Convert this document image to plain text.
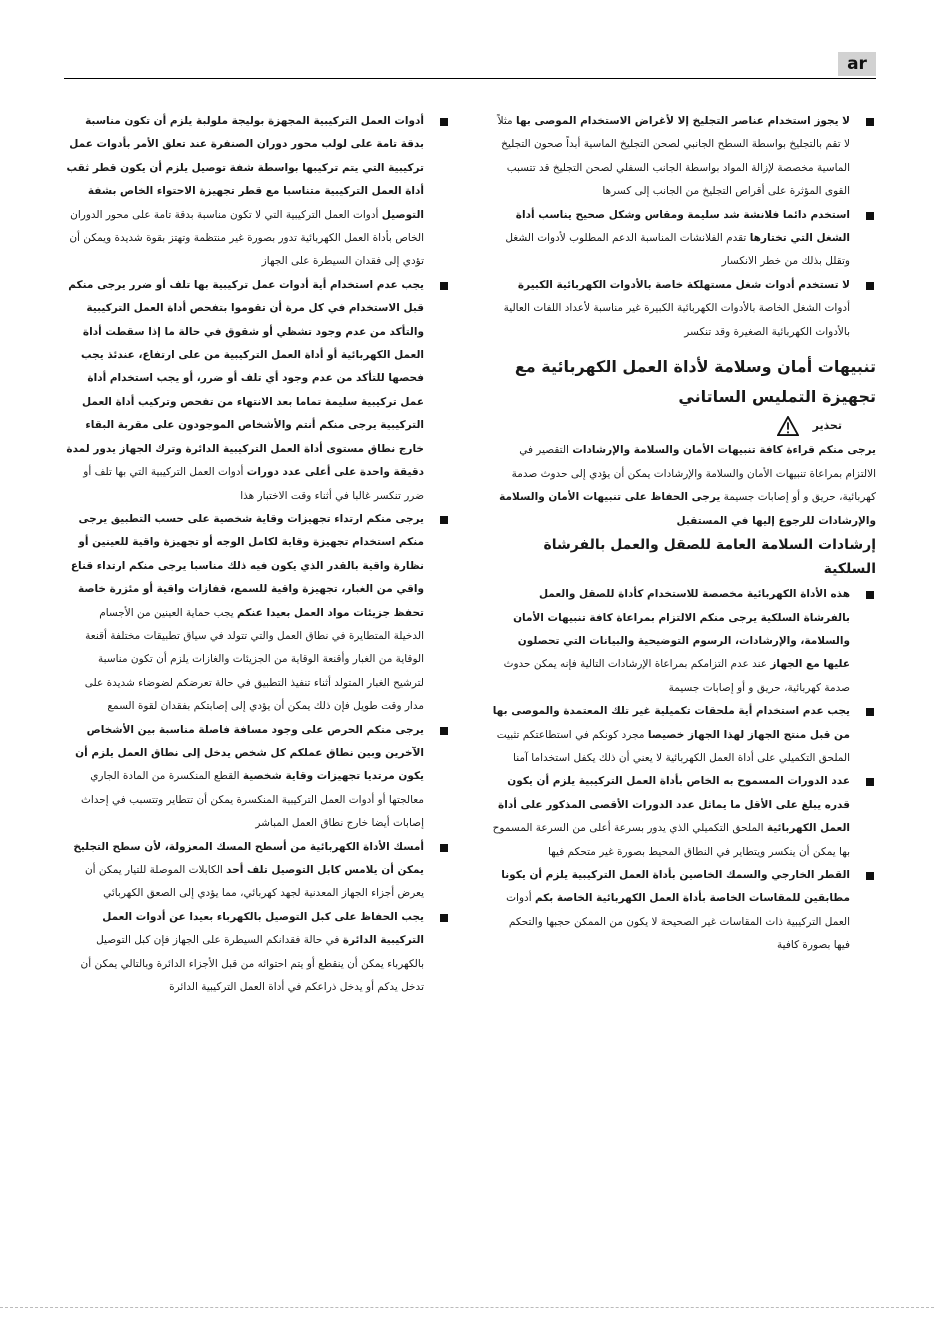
ar

لا يجوز استخدام عناصر التجليخ إلا لأغراض الاستخدام الموصى بها مثلاً لا تقم بالتجليخ بواسطة السطح الجانبي لصحن التجليخ الماسية أبداً صحون التجليخ الماسية مخصصة لإزالة المواد بواسطة الجانب السفلي لصحن التجليخ قد تتسبب القوى المؤثرة على أقراص التجليخ من الجانب إلى كسرها

استخدم دائما فلانشة شد سليمة ومقاس وشكل صحيح يناسب أداة الشغل التي تختارها تقدم الفلانشات المناسبة الدعم المطلوب لأدوات الشغل وتقلل بذلك من خطر الانكسار

لا تستخدم أدوات شغل مستهلكة خاصة بالأدوات الكهربائية الكبيرة أدوات الشغل الخاصة بالأدوات الكهربائية الكبيرة غير مناسبة لأعداد اللفات العالية بالأدوات الكهربائية الصغيرة وقد تنكسر

تنبيهات أمان وسلامة لأداة العمل الكهربائية مع تجهيزة التمليس الساتاني
تحذير

يرجى منكم قراءة كافة تنبيهات الأمان والسلامة والإرشادات التقصير في الالتزام بمراعاة تنبيهات الأمان والسلامة والإرشادات يمكن أن يؤدي إلى حدوث صدمة كهربائية، حريق و أو إصابات جسيمة يرجى الحفاظ على تنبيهات الأمان والسلامة والإرشادات للرجوع إليها في المستقبل

إرشادات السلامة العامة للصقل والعمل بالفرشاة السلكية

هذه الأداة الكهربائية مخصصة للاستخدام كأداة للصقل والعمل بالفرشاة السلكية يرجى منكم الالتزام بمراعاة كافة تنبيهات الأمان والسلامة، والإرشادات، الرسوم التوضيحية والبيانات التي تحصلون عليها مع الجهاز عند عدم التزامكم بمراعاة الإرشادات التالية فإنه يمكن حدوث صدمة كهربائية، حريق و أو إصابات جسيمة

يجب عدم استخدام أية ملحقات تكميلية غير تلك المعتمدة والموصى بها من قبل منتج الجهاز لهذا الجهاز خصيصا مجرد كونكم في استطاعتكم تثبيت الملحق التكميلي على أداة العمل الكهربائية لا يعني أن ذلك يكفل استخداما آمنا

عدد الدورات المسموح به الخاص بأداة العمل التركيبية يلزم أن يكون قدره يبلغ على الأقل ما يماثل عدد الدورات الأقصى المذكور على أداة العمل الكهربائية الملحق التكميلي الذي يدور بسرعة أعلى من السرعة المسموح بها يمكن أن ينكسر ويتطاير في النطاق المحيط بصورة غير متحكم فيها

القطر الخارجي والسمك الخاصين بأداة العمل التركيبية يلزم أن يكونا مطابقين للمقاسات الخاصة بأداة العمل الكهربائية الخاصة بكم أدوات العمل التركيبية ذات المقاسات غير الصحيحة لا يكون من الممكن حجبها والتحكم فيها بصورة كافية

أدوات العمل التركيبية المجهزة بوليجة ملولبة يلزم أن تكون مناسبة بدقة تامة على لولب محور دوران الصنفرة عند تعلق الأمر بأدوات عمل تركيبية التي يتم تركيبها بواسطة شفة توصيل يلزم أن يكون قطر ثقب أداة العمل التركيبية متناسبا مع قطر تجهيزة الاحتواء الخاص بشفة التوصيل أدوات العمل التركيبية التي لا تكون مناسبة بدقة تامة على محور الدوران الخاص بأداة العمل الكهربائية تدور بصورة غير منتظمة وتهتز بقوة شديدة ويمكن أن تؤدي إلى فقدان السيطرة على الجهاز

يجب عدم استخدام أية أدوات عمل تركيبية بها تلف أو ضرر يرجى منكم قبل الاستخدام في كل مرة أن تقوموا بتفحص أداة العمل التركيبية والتأكد من عدم وجود تشظي أو شقوق في حالة ما إذا سقطت أداة العمل الكهربائية أو أداة العمل التركيبية من على ارتفاع، عندئذ يجب فحصها للتأكد من عدم وجود أي تلف أو ضرر، أو يجب استخدام أداة عمل تركيبية سليمة تماما بعد الانتهاء من تفحص وتركيب أداة العمل التركيبية يرجى منكم أنتم والأشخاص الموجودون على مقربة البقاء خارج نطاق مستوى أداة العمل التركيبية الدائرة وترك الجهاز يدور لمدة دقيقة واحدة على أعلى عدد دورات أدوات العمل التركيبية التي بها تلف أو ضرر تنكسر غالبا في أثناء وقت الاختبار هذا

يرجى منكم ارتداء تجهيزات وقاية شخصية على حسب التطبيق يرجى منكم استخدام تجهيزة وقاية لكامل الوجه أو تجهيزة واقية للعينين أو نظارة واقية بالقدر الذي يكون فيه ذلك مناسبا يرجى منكم ارتداء قناع واقي من الغبار، تجهيزة واقية للسمع، قفازات واقية أو مئزرة خاصة تحفظ جزيئات مواد العمل بعيدا عنكم يجب حماية العينين من الأجسام الدخيلة المتطايرة في نطاق العمل والتي تتولد في سياق تطبيقات مختلفة أقنعة الوقاية من الغبار وأقنعة الوقاية من الجزيئات والغازات يلزم أن تكون مناسبة لترشيح الغبار المتولد أثناء تنفيذ التطبيق في حالة تعرضكم لضوضاء شديدة على مدار وقت طويل فإن ذلك يمكن أن يؤدي إلى إصابتكم بفقدان لقوة السمع

يرجى منكم الحرص على وجود مسافة فاصلة مناسبة بين الأشخاص الآخرين وبين نطاق عملكم كل شخص يدخل إلى نطاق العمل يلزم أن يكون مرتديا تجهيزات وقاية شخصية القطع المنكسرة من المادة الجاري معالجتها أو أدوات العمل التركيبية المنكسرة يمكن أن تتطاير وتتسبب في إحداث إصابات أيضا خارج نطاق العمل المباشر

أمسك الأداة الكهربائية من أسطح المسك المعزولة، لأن سطح التجليخ يمكن أن يلامس كابل التوصيل تلف أحد الكابلات الموصلة للتيار يمكن أن يعرض أجزاء الجهاز المعدنية لجهد كهربائي، مما يؤدي إلى الصعق الكهربائي

يجب الحفاظ على كبل التوصيل بالكهرباء بعيدا عن أدوات العمل التركيبية الدائرة في حالة فقدانكم السيطرة على الجهاز فإن كبل التوصيل بالكهرباء يمكن أن ينقطع أو يتم احتوائه من قبل الأجزاء الدائرة وبالتالي يمكن أن تدخل يدكم أو يدخل ذراعكم في أداة العمل التركيبية الدائرة
